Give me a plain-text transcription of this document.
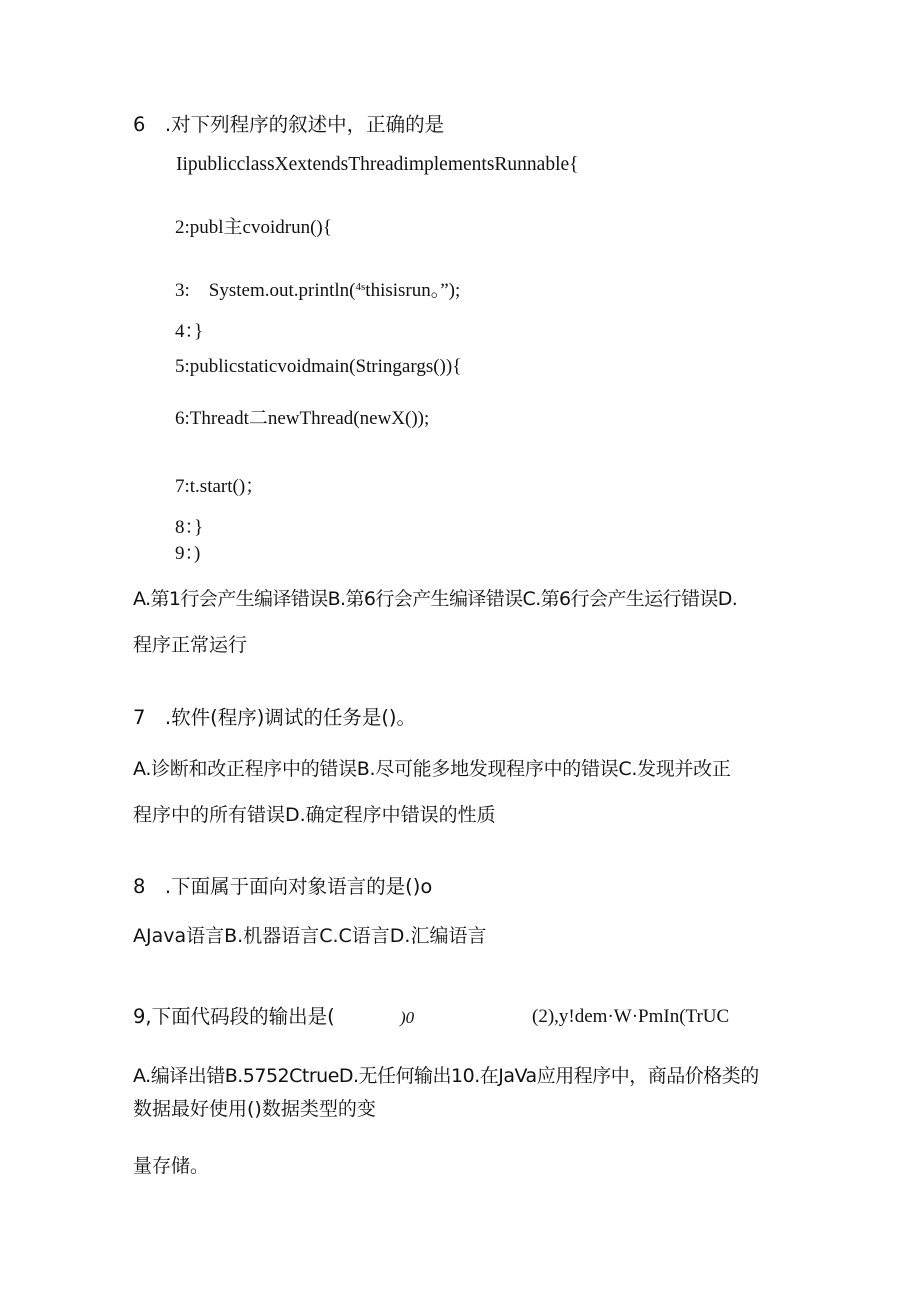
6　.对下列程序的叙述中，正确的是
IipublicclassXextendsThreadimplementsRunnable{
2:publ主cvoidrun(){
3:　System.out.println($^{4s}$thisisrun。”);
4：}
5:publicstaticvoidmain(Stringargs()){
6:Threadt二newThread(newX());
7:t.start()；
8：}
9：)
A.第1行会产生编译错误B.第6行会产生编译错误C.第6行会产生运行错误D.
程序正常运行
7　.软件(程序)调试的任务是()。
A.诊断和改正程序中的错误B.尽可能多地发现程序中的错误C.发现并改正
程序中的所有错误D.确定程序中错误的性质
8　.下面属于面向对象语言的是()o
AJava语言B.机器语言C.C语言D.汇编语言
9,下面代码段的输出是(	)0	(2),y!dem·W·PmIn(TrUC
A.编译出错B.5752CtrueD.无任何输出10.在JaVa应用程序中，商品价格类的
数据最好使用()数据类型的变
量存储。
